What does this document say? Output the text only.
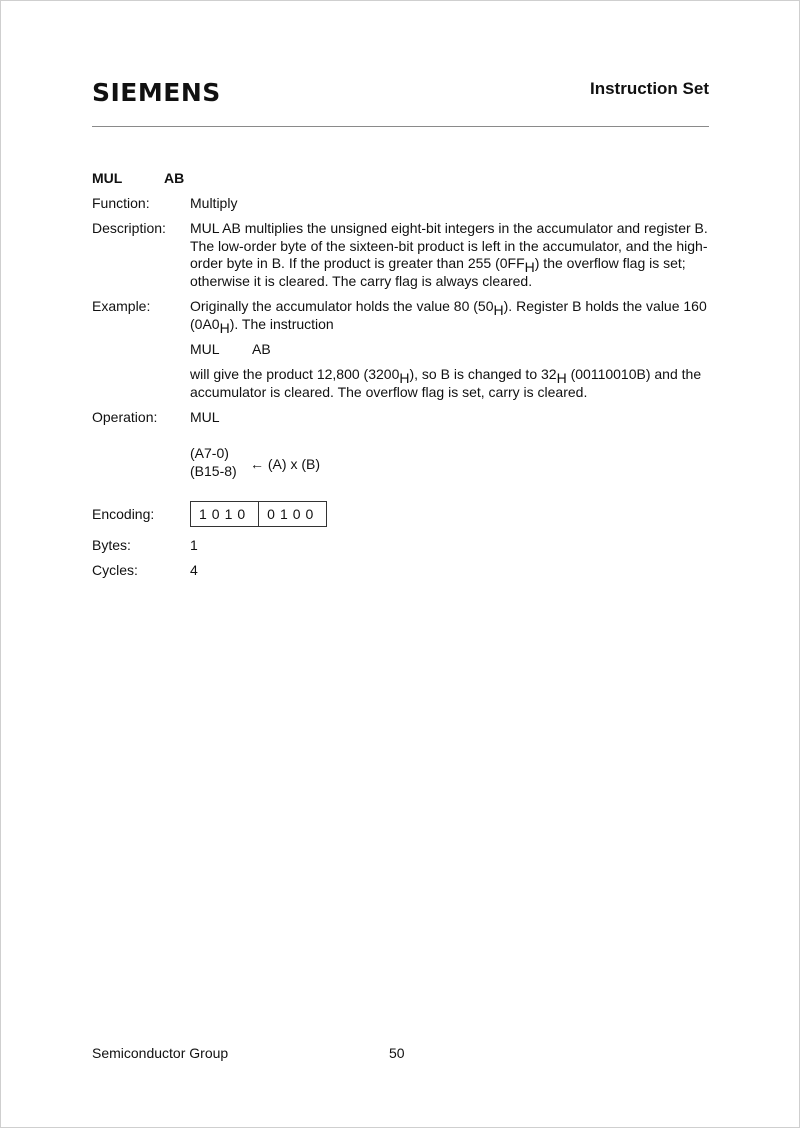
SIEMENS	Instruction Set
MUL	AB
Function:	Multiply
Description: MUL AB multiplies the unsigned eight-bit integers in the accumulator and register B. The low-order byte of the sixteen-bit product is left in the accumulator, and the high-order byte in B. If the product is greater than 255 $(0FF_H)$ the overflow flag is set; otherwise it is cleared. The carry flag is always cleared.
Example:	Originally the accumulator holds the value 80 $(50_H)$. Register B holds the value 160 $(0A0_H)$. The instruction
MUL AB
will give the product 12,800 $(3200_H)$, so B is changed to $32_H$ (00110010B) and the accumulator is cleared. The overflow flag is set, carry is cleared.
Operation: MUL
(A7-0)
(B15-8) ← (A) x (B)
Encoding:	1010	0100
Bytes:	1
Cycles:	4
Semiconductor Group	50
